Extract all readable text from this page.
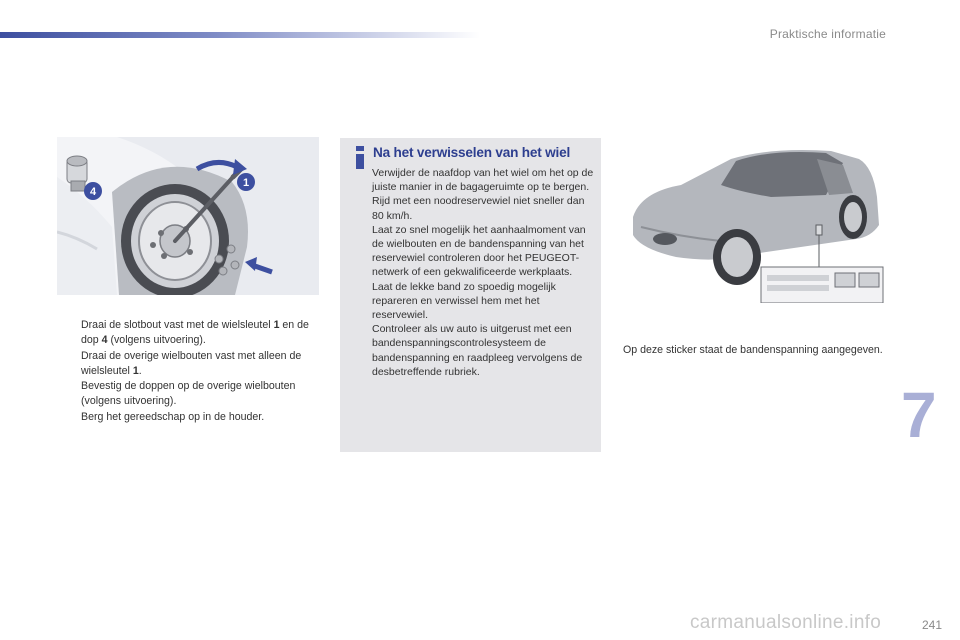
Praktische informatie
4
1
Draai de slotbout vast met de wielsleutel 1 en de dop 4 (volgens uitvoering).
Draai de overige wielbouten vast met alleen de wielsleutel 1.
Bevestig de doppen op de overige wielbouten (volgens uitvoering).
Berg het gereedschap op in de houder.
Na het verwisselen van het wiel
Verwijder de naafdop van het wiel om het op de juiste manier in de bagageruimte op te bergen.
Rijd met een noodreservewiel niet sneller dan 80 km/h.
Laat zo snel mogelijk het aanhaalmoment van de wielbouten en de bandenspanning van het reservewiel controleren door het PEUGEOT-netwerk of een gekwalificeerde werkplaats.
Laat de lekke band zo spoedig mogelijk repareren en verwissel hem met het reservewiel.
Controleer als uw auto is uitgerust met een bandenspanningscontrolesysteem de bandenspanning en raadpleeg vervolgens de desbetreffende rubriek.
Op deze sticker staat de bandenspanning aangegeven.
7
241
carmanualsonline.info
